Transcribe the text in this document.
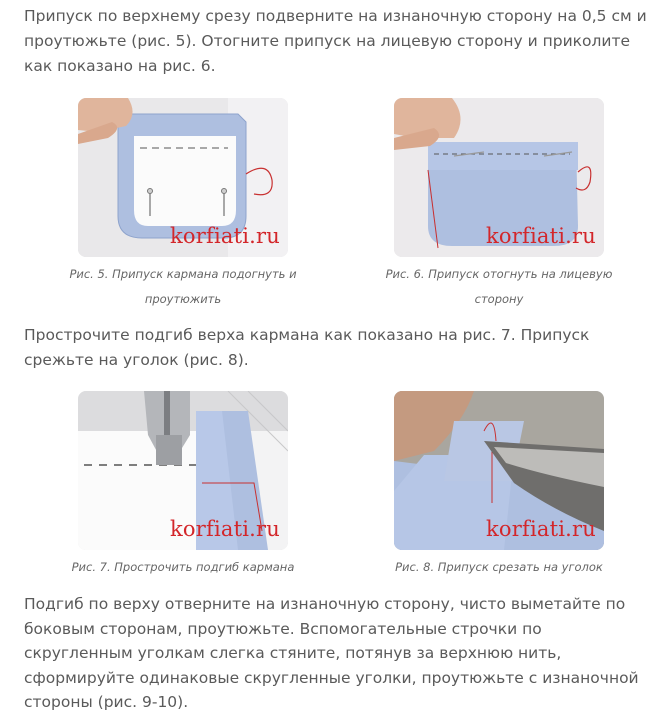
Припуск по верхнему срезу подверните на изнаночную сторону на 0,5 см и проутюжьте (рис. 5). Отогните припуск на лицевую сторону и приколите как показано на рис. 6.

korfiati.ru
Рис. 5. Припуск кармана подогнуть и
проутюжить
korfiati.ru
Рис. 6. Припуск отогнуть на лицевую
сторону

Прострочите подгиб верха кармана как показано на рис. 7. Припуск срежьте на уголок (рис. 8).

korfiati.ru
Рис. 7. Прострочить подгиб кармана
korfiati.ru
Рис. 8. Припуск срезать на уголок

Подгиб по верху отверните на изнаночную сторону, чисто выметайте по боковым сторонам, проутюжьте. Вспомогательные строчки по скругленным уголкам слегка стяните, потянув за верхнюю нить, сформируйте одинаковые скругленные уголки, проутюжьте с изнаночной стороны (рис. 9-10).
